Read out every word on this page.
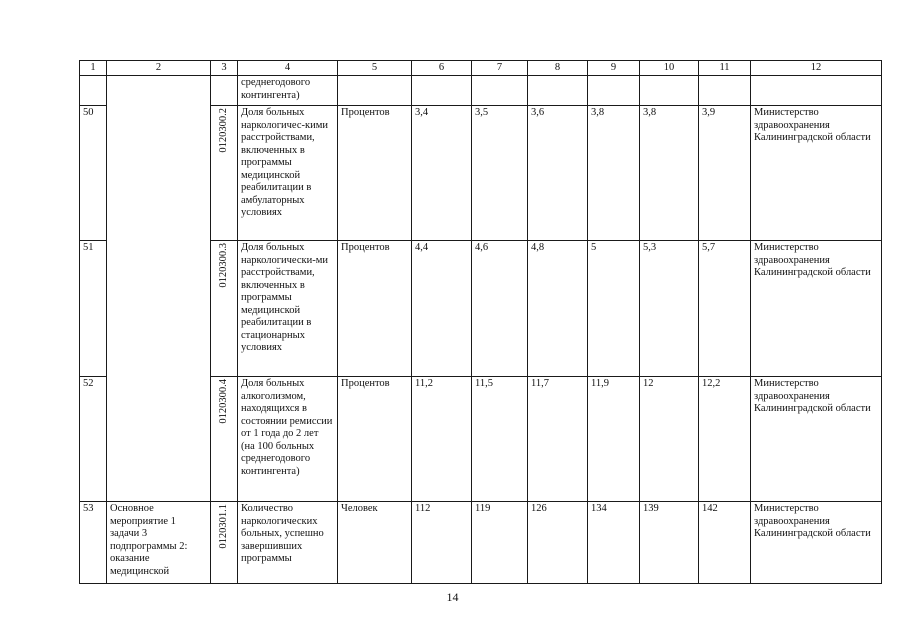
1	2	3	4	5	6	7	8	9	10	11	12
			среднегодового контингента)								
50		0120300.2	Доля больных наркологичес-кими расстройствами, включенных в программы медицинской реабилитации в амбулаторных условиях	Процентов	3,4	3,5	3,6	3,8	3,8	3,9	Министерство здравоохранения Калининградской области
51		0120300.3	Доля больных наркологически-ми расстройствами, включенных в программы медицинской реабилитации в стационарных условиях	Процентов	4,4	4,6	4,8	5	5,3	5,7	Министерство здравоохранения Калининградской области
52		0120300.4	Доля больных алкоголизмом, находящихся в состоянии ремиссии от 1 года до 2 лет (на 100 больных среднегодового контингента)	Процентов	11,2	11,5	11,7	11,9	12	12,2	Министерство здравоохранения Калининградской области
53	Основное мероприятие 1 задачи 3 подпрограммы 2: оказание медицинской	0120301.1	Количество наркологических больных, успешно завершивших программы	Человек	112	119	126	134	139	142	Министерство здравоохранения Калининградской области
14
